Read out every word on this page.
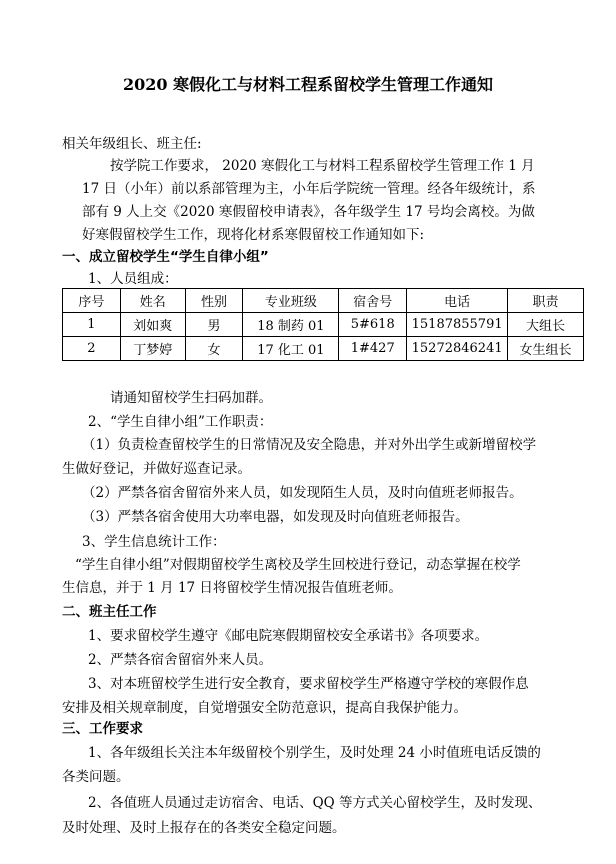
2020 寒假化工与材料工程系留校学生管理工作通知
相关年级组长、班主任:
按学院工作要求， 2020 寒假化工与材料工程系留校学生管理工作 1 月
17 日（小年）前以系部管理为主，小年后学院统一管理。经各年级统计，系
部有 9 人上交《2020 寒假留校申请表》，各年级学生 17 号均会离校。为做
好寒假留校学生工作，现将化材系寒假留校工作通知如下:
一、成立留校学生“学生自律小组”
1、人员组成：
序号	姓名	性别	专业班级	宿舍号	电话	职责
1	刘如爽	男	18 制药 01	5#618	15187855791	大组长
2	丁梦婷	女	17 化工 01	1#427	15272846241	女生组长
请通知留校学生扫码加群。
2、“学生自律小组”工作职责：
（1）负责检查留校学生的日常情况及安全隐患，并对外出学生或新增留校学
生做好登记，并做好巡查记录。
（2）严禁各宿舍留宿外来人员，如发现陌生人员，及时向值班老师报告。
（3）严禁各宿舍使用大功率电器，如发现及时向值班老师报告。
3、学生信息统计工作：
“学生自律小组”对假期留校学生离校及学生回校进行登记，动态掌握在校学
生信息，并于 1 月 17 日将留校学生情况报告值班老师。
二、班主任工作
1、要求留校学生遵守《邮电院寒假期留校安全承诺书》各项要求。
2、严禁各宿舍留宿外来人员。
3、对本班留校学生进行安全教育，要求留校学生严格遵守学校的寒假作息
安排及相关规章制度，自觉增强安全防范意识，提高自我保护能力。
三、工作要求
1、各年级组长关注本年级留校个别学生，及时处理 24 小时值班电话反馈的
各类问题。
2、各值班人员通过走访宿舍、电话、QQ 等方式关心留校学生，及时发现、
及时处理、及时上报存在的各类安全稳定问题。
